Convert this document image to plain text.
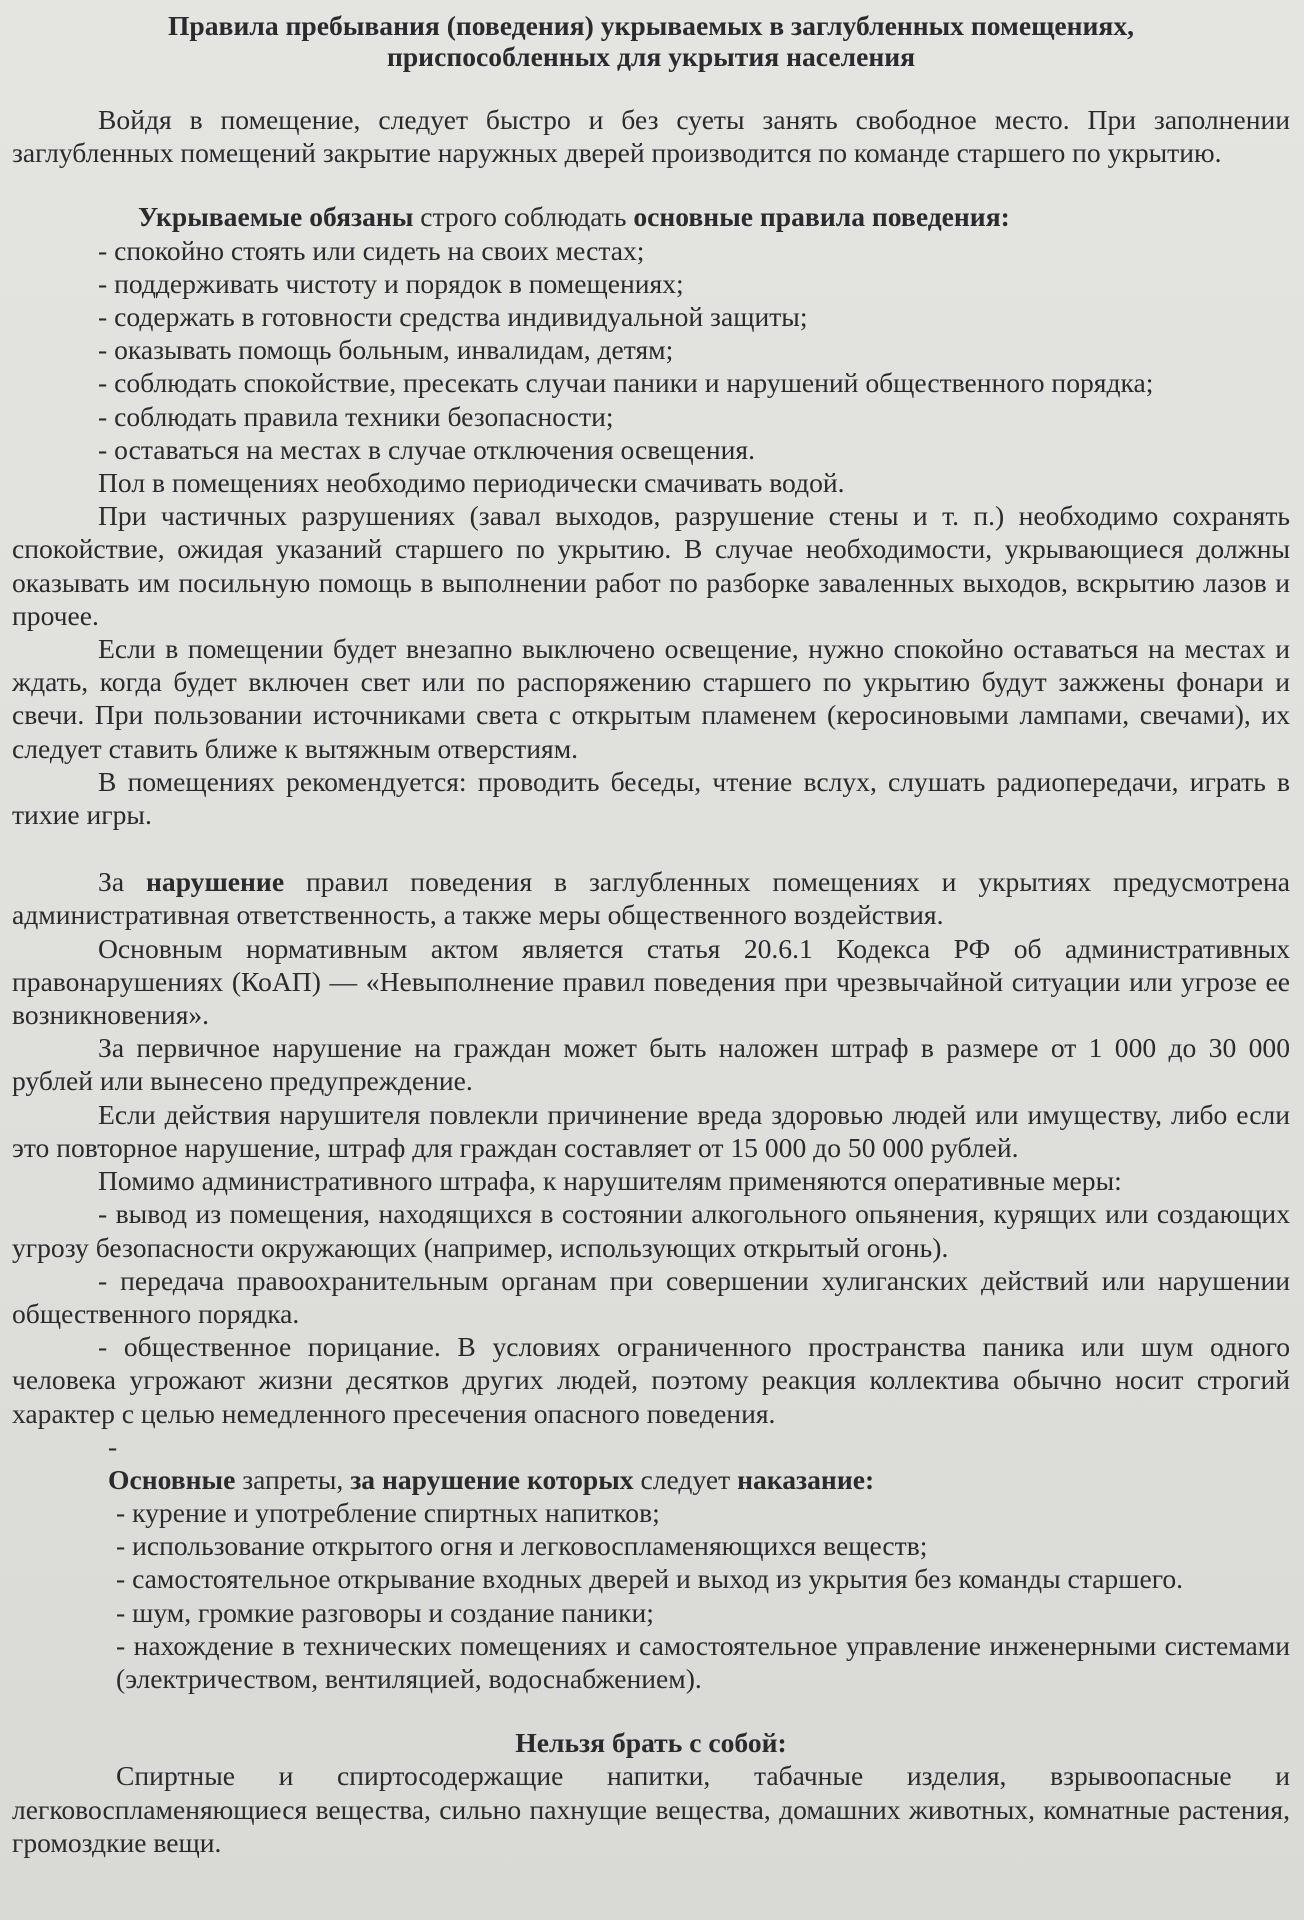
Правила пребывания (поведения) укрываемых в заглубленных помещениях,
приспособленных для укрытия населения

Войдя в помещение, следует быстро и без суеты занять свободное место. При заполнении заглубленных помещений закрытие наружных дверей производится по команде старшего по укрытию.

Укрываемые обязаны строго соблюдать основные правила поведения:

- спокойно стоять или сидеть на своих местах;

- поддерживать чистоту и порядок в помещениях;

- содержать в готовности средства индивидуальной защиты;

- оказывать помощь больным, инвалидам, детям;

- соблюдать спокойствие, пресекать случаи паники и нарушений общественного порядка;

- соблюдать правила техники безопасности;

- оставаться на местах в случае отключения освещения.

Пол в помещениях необходимо периодически смачивать водой.

При частичных разрушениях (завал выходов, разрушение стены и т. п.) необходимо сохранять спокойствие, ожидая указаний старшего по укрытию. В случае необходимости, укрывающиеся должны оказывать им посильную помощь в выполнении работ по разборке заваленных выходов, вскрытию лазов и прочее.

Если в помещении будет внезапно выключено освещение, нужно спокойно оставаться на местах и ждать, когда будет включен свет или по распоряжению старшего по укрытию будут зажжены фонари и свечи. При пользовании источниками света с открытым пламенем (керосиновыми лампами, свечами), их следует ставить ближе к вытяжным отверстиям.

В помещениях рекомендуется: проводить беседы, чтение вслух, слушать радиопередачи, играть в тихие игры.

За нарушение правил поведения в заглубленных помещениях и укрытиях предусмотрена административная ответственность, а также меры общественного воздействия.

Основным нормативным актом является статья 20.6.1 Кодекса РФ об административных правонарушениях (КоАП) — «Невыполнение правил поведения при чрезвычайной ситуации или угрозе ее возникновения».

За первичное нарушение на граждан может быть наложен штраф в размере от 1 000 до 30 000 рублей или вынесено предупреждение.

Если действия нарушителя повлекли причинение вреда здоровью людей или имуществу, либо если это повторное нарушение, штраф для граждан составляет от 15 000 до 50 000 рублей.

Помимо административного штрафа, к нарушителям применяются оперативные меры:

- вывод из помещения, находящихся в состоянии алкогольного опьянения, курящих или создающих угрозу безопасности окружающих (например, использующих открытый огонь).

- передача правоохранительным органам при совершении хулиганских действий или нарушении общественного порядка.

- общественное порицание. В условиях ограниченного пространства паника или шум одного человека угрожают жизни десятков других людей, поэтому реакция коллектива обычно носит строгий характер с целью немедленного пресечения опасного поведения.

-

Основные запреты, за нарушение которых следует наказание:

- курение и употребление спиртных напитков;

- использование открытого огня и легковоспламеняющихся веществ;

- самостоятельное открывание входных дверей и выход из укрытия без команды старшего.

- шум, громкие разговоры и создание паники;

- нахождение в технических помещениях и самостоятельное управление инженерными системами (электричеством, вентиляцией, водоснабжением).

Нельзя брать с собой:

Спиртные и спиртосодержащие напитки, табачные изделия, взрывоопасные и легковоспламеняющиеся вещества, сильно пахнущие вещества, домашних животных, комнатные растения, громоздкие вещи.
